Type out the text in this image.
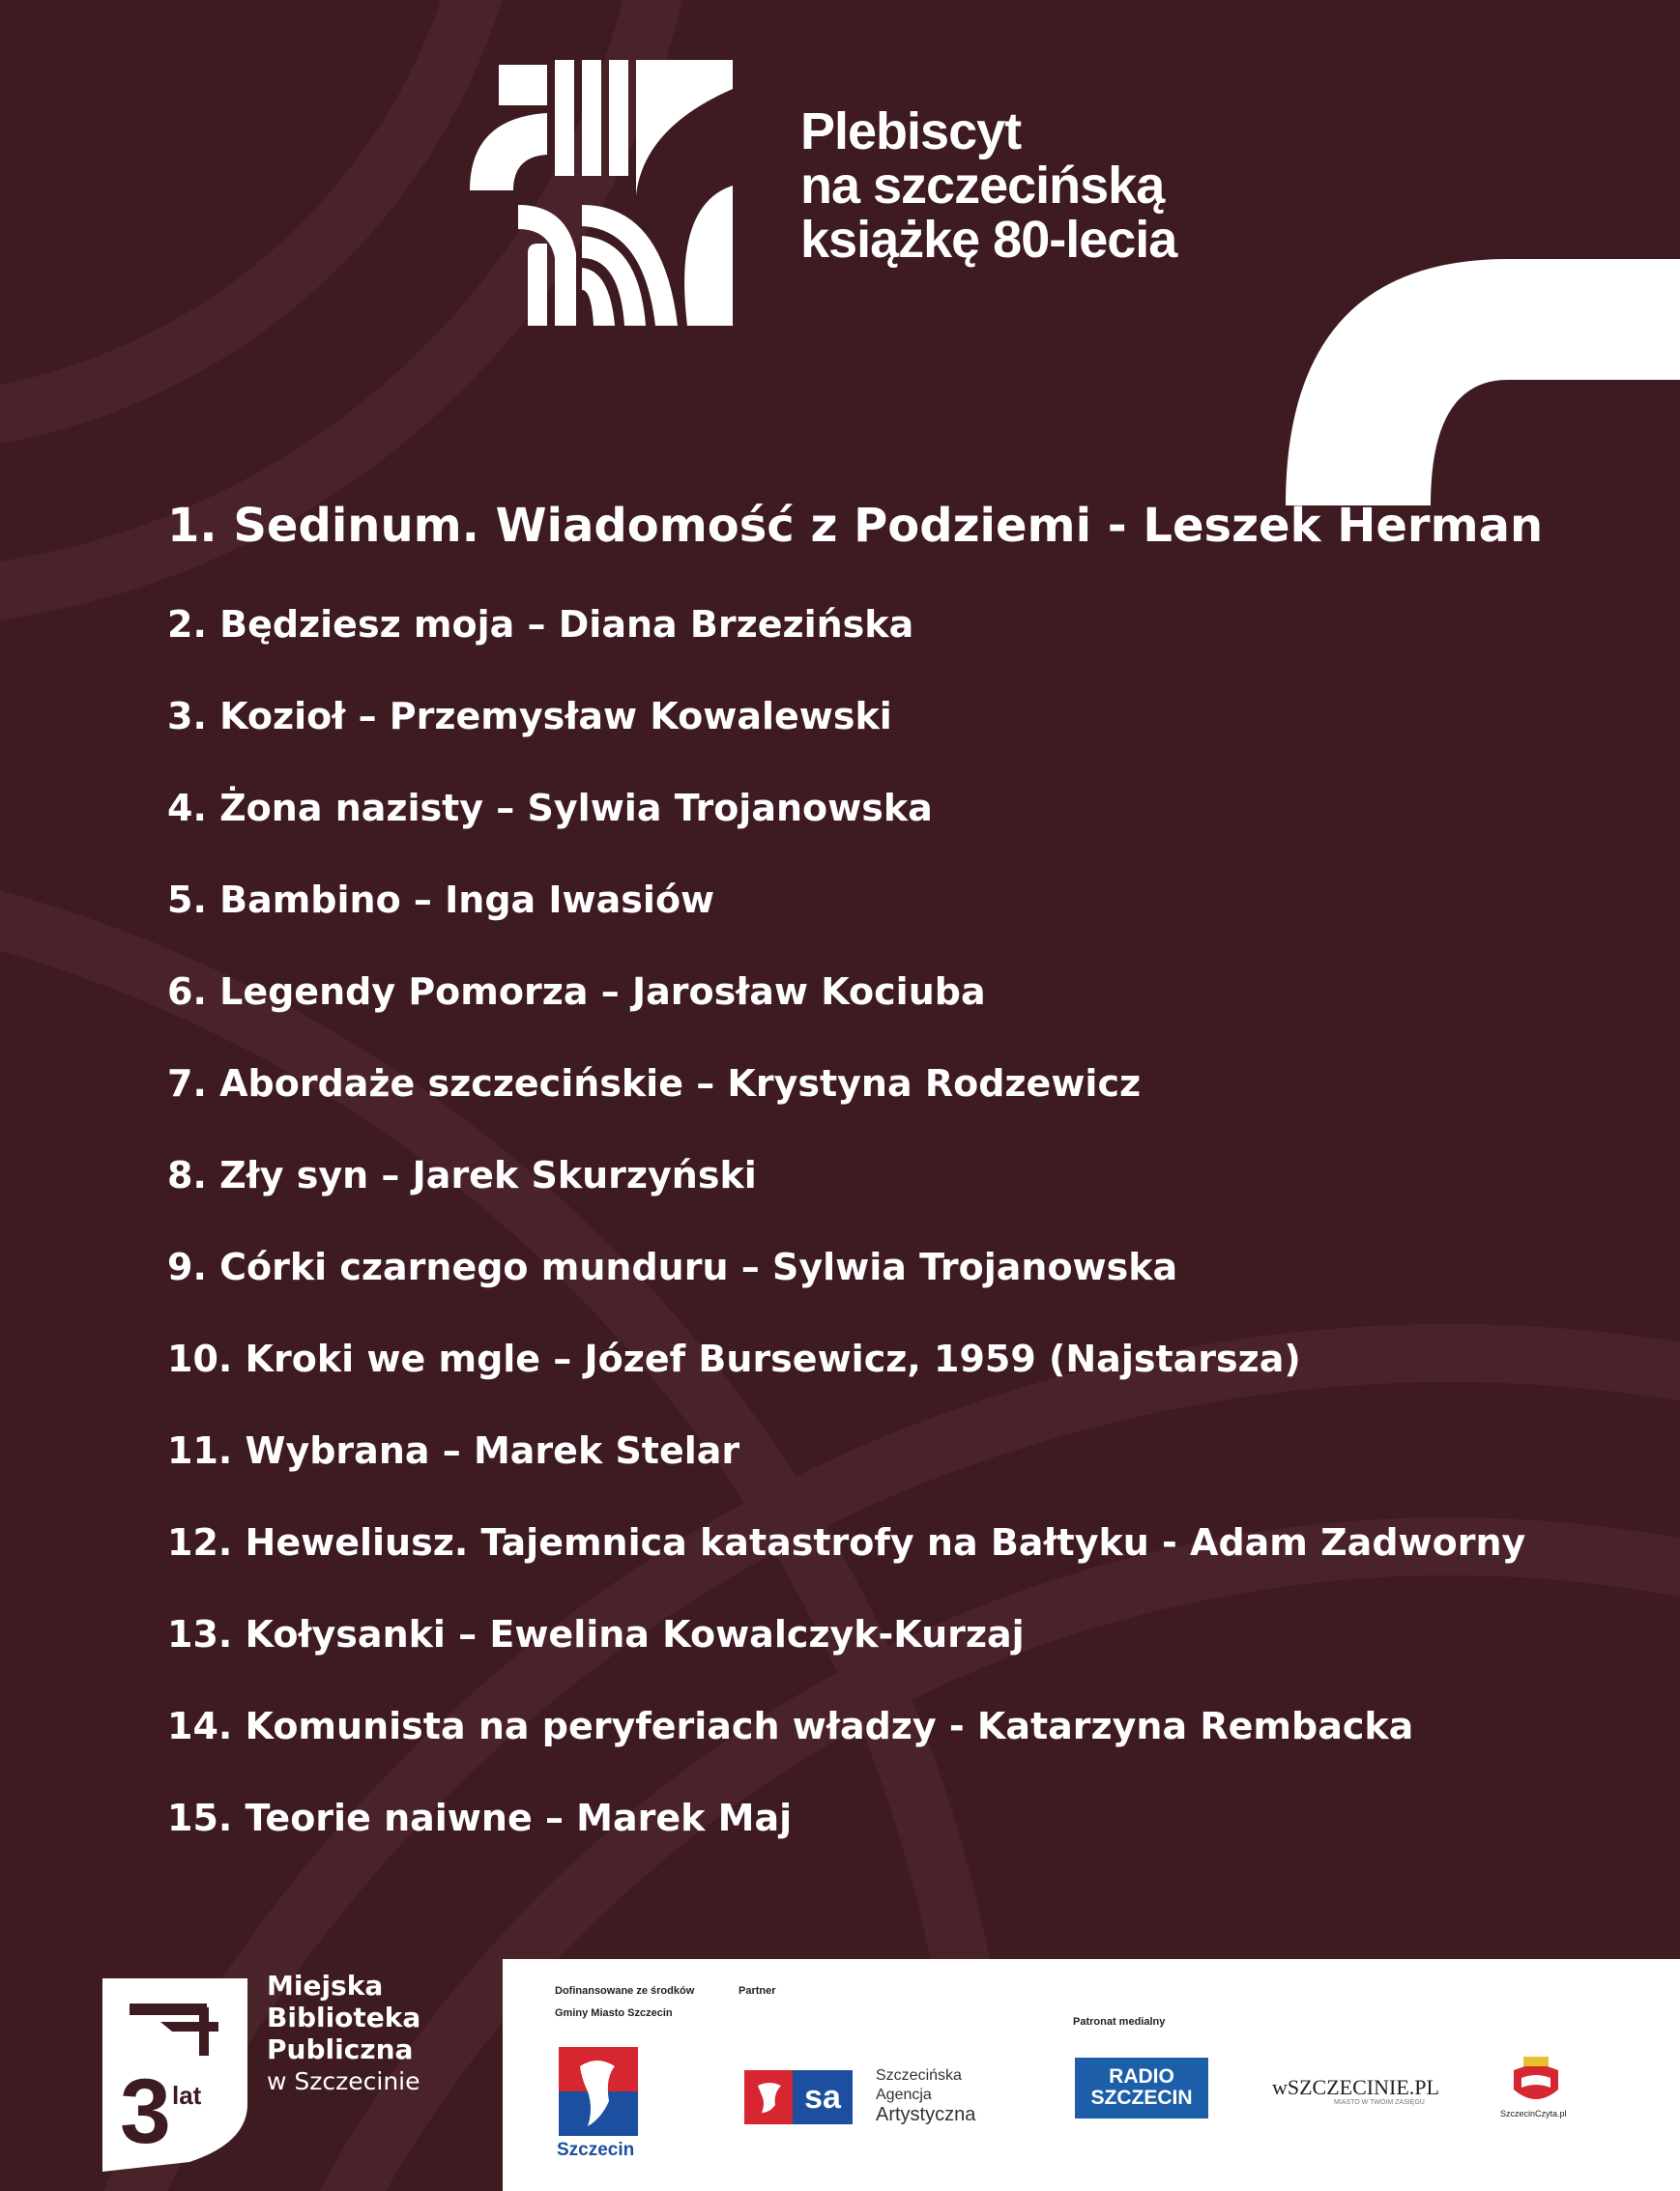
Plebiscyt
na szczecińską
książkę 80-lecia
1. Sedinum. Wiadomość z Podziemi - Leszek Herman
2. Będziesz moja – Diana Brzezińska
3. Kozioł – Przemysław Kowalewski
4. Żona nazisty – Sylwia Trojanowska
5. Bambino – Inga Iwasiów
6. Legendy Pomorza – Jarosław Kociuba
7. Abordaże szczecińskie – Krystyna Rodzewicz
8. Zły syn – Jarek Skurzyński
9. Córki czarnego munduru – Sylwia Trojanowska
10. Kroki we mgle – Józef Bursewicz, 1959 (Najstarsza)
11. Wybrana – Marek Stelar
12. Heweliusz. Tajemnica katastrofy na Bałtyku - Adam Zadworny
13. Kołysanki – Ewelina Kowalczyk-Kurzaj
14. Komunista na peryferiach władzy - Katarzyna Rembacka
15. Teorie naiwne – Marek Maj
3 lat
Miejska
Biblioteka
Publiczna
w Szczecinie
Dofinansowane ze środków
Gminy Miasto Szczecin
Partner
Patronat medialny
Szczecin
sa
Szczecińska
Agencja
Artystyczna
RADIO
SZCZECIN	wSZCZECINIE.PL
MIASTO W TWOIM ZASIĘGU
SzczecinCzyta.pl
